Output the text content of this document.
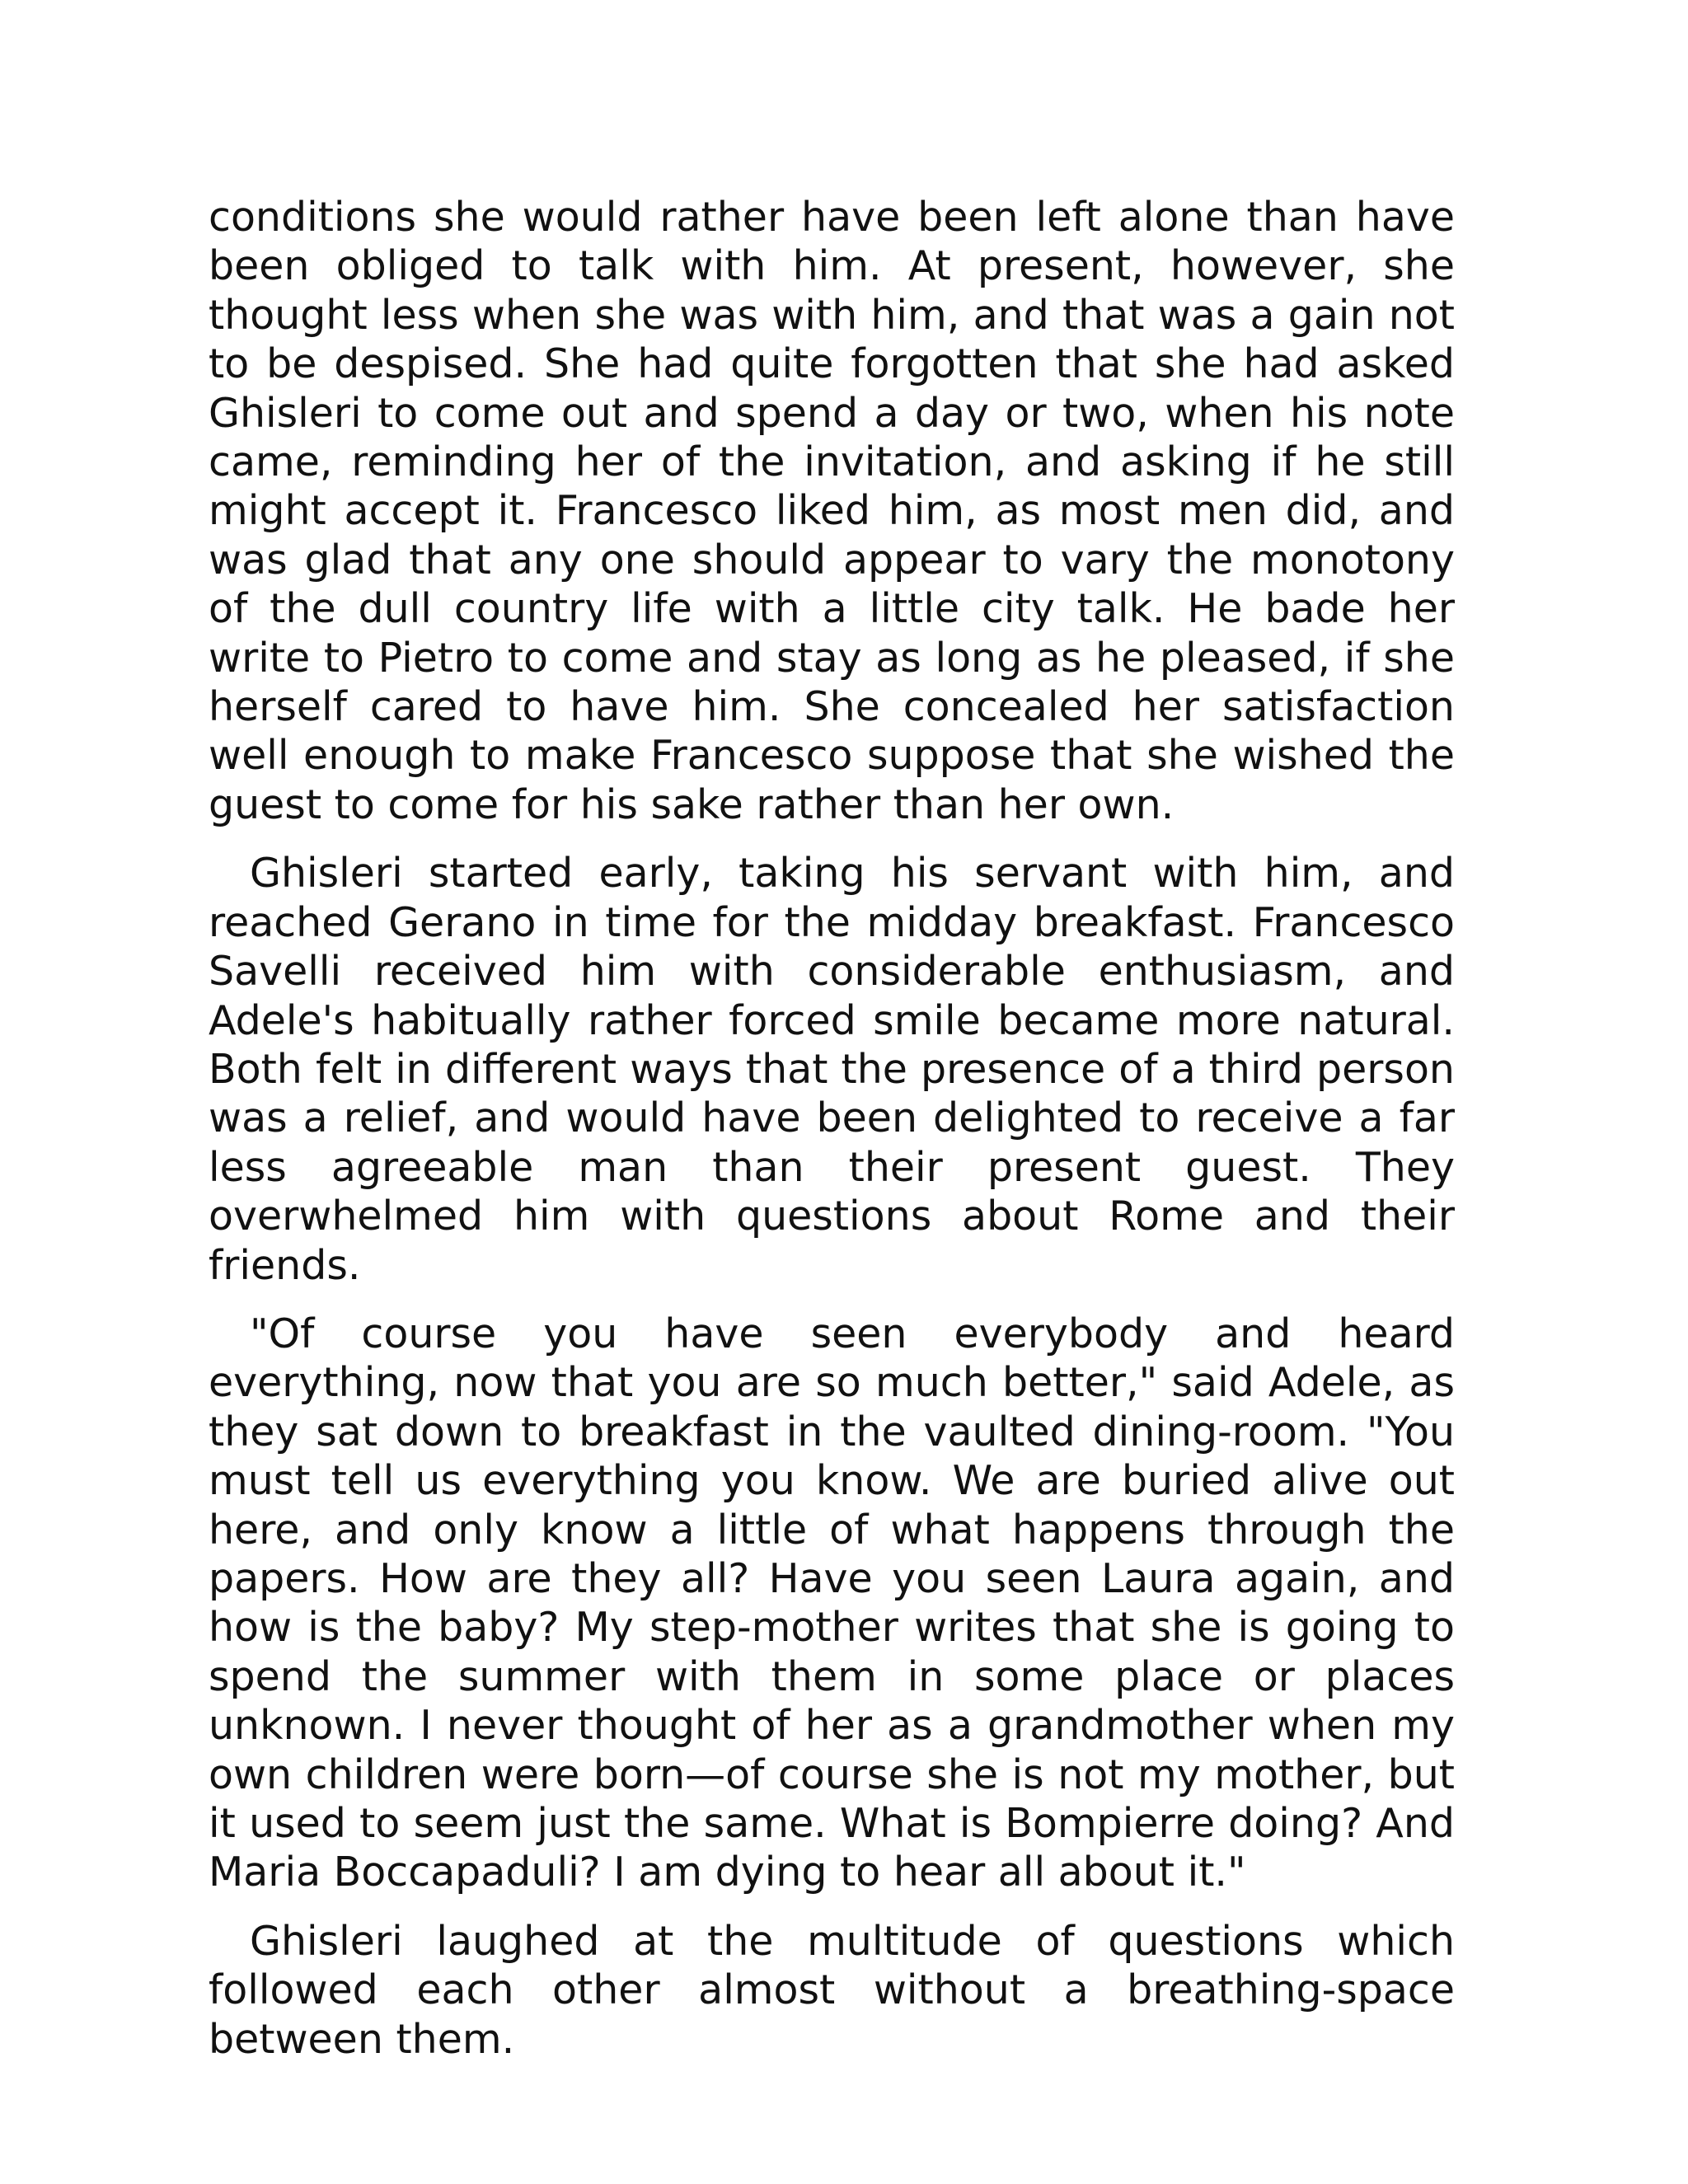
conditions she would rather have been left alone than have been obliged to talk with him. At present, however, she thought less when she was with him, and that was a gain not to be despised. She had quite forgotten that she had asked Ghisleri to come out and spend a day or two, when his note came, reminding her of the invitation, and asking if he still might accept it. Francesco liked him, as most men did, and was glad that any one should appear to vary the monotony of the dull country life with a little city talk. He bade her write to Pietro to come and stay as long as he pleased, if she herself cared to have him. She concealed her satisfaction well enough to make Francesco suppose that she wished the guest to come for his sake rather than her own.

Ghisleri started early, taking his servant with him, and reached Gerano in time for the midday breakfast. Francesco Savelli received him with considerable enthusiasm, and Adele's habitually rather forced smile became more natural. Both felt in different ways that the presence of a third person was a relief, and would have been delighted to receive a far less agreeable man than their present guest. They overwhelmed him with questions about Rome and their friends.

"Of course you have seen everybody and heard everything, now that you are so much better," said Adele, as they sat down to breakfast in the vaulted dining-room. "You must tell us everything you know. We are buried alive out here, and only know a little of what happens through the papers. How are they all? Have you seen Laura again, and how is the baby? My step-mother writes that she is going to spend the summer with them in some place or places unknown. I never thought of her as a grandmother when my own children were born—of course she is not my mother, but it used to seem just the same. What is Bompierre doing? And Maria Boccapaduli? I am dying to hear all about it."

Ghisleri laughed at the multitude of questions which followed each other almost without a breathing-space between them.
